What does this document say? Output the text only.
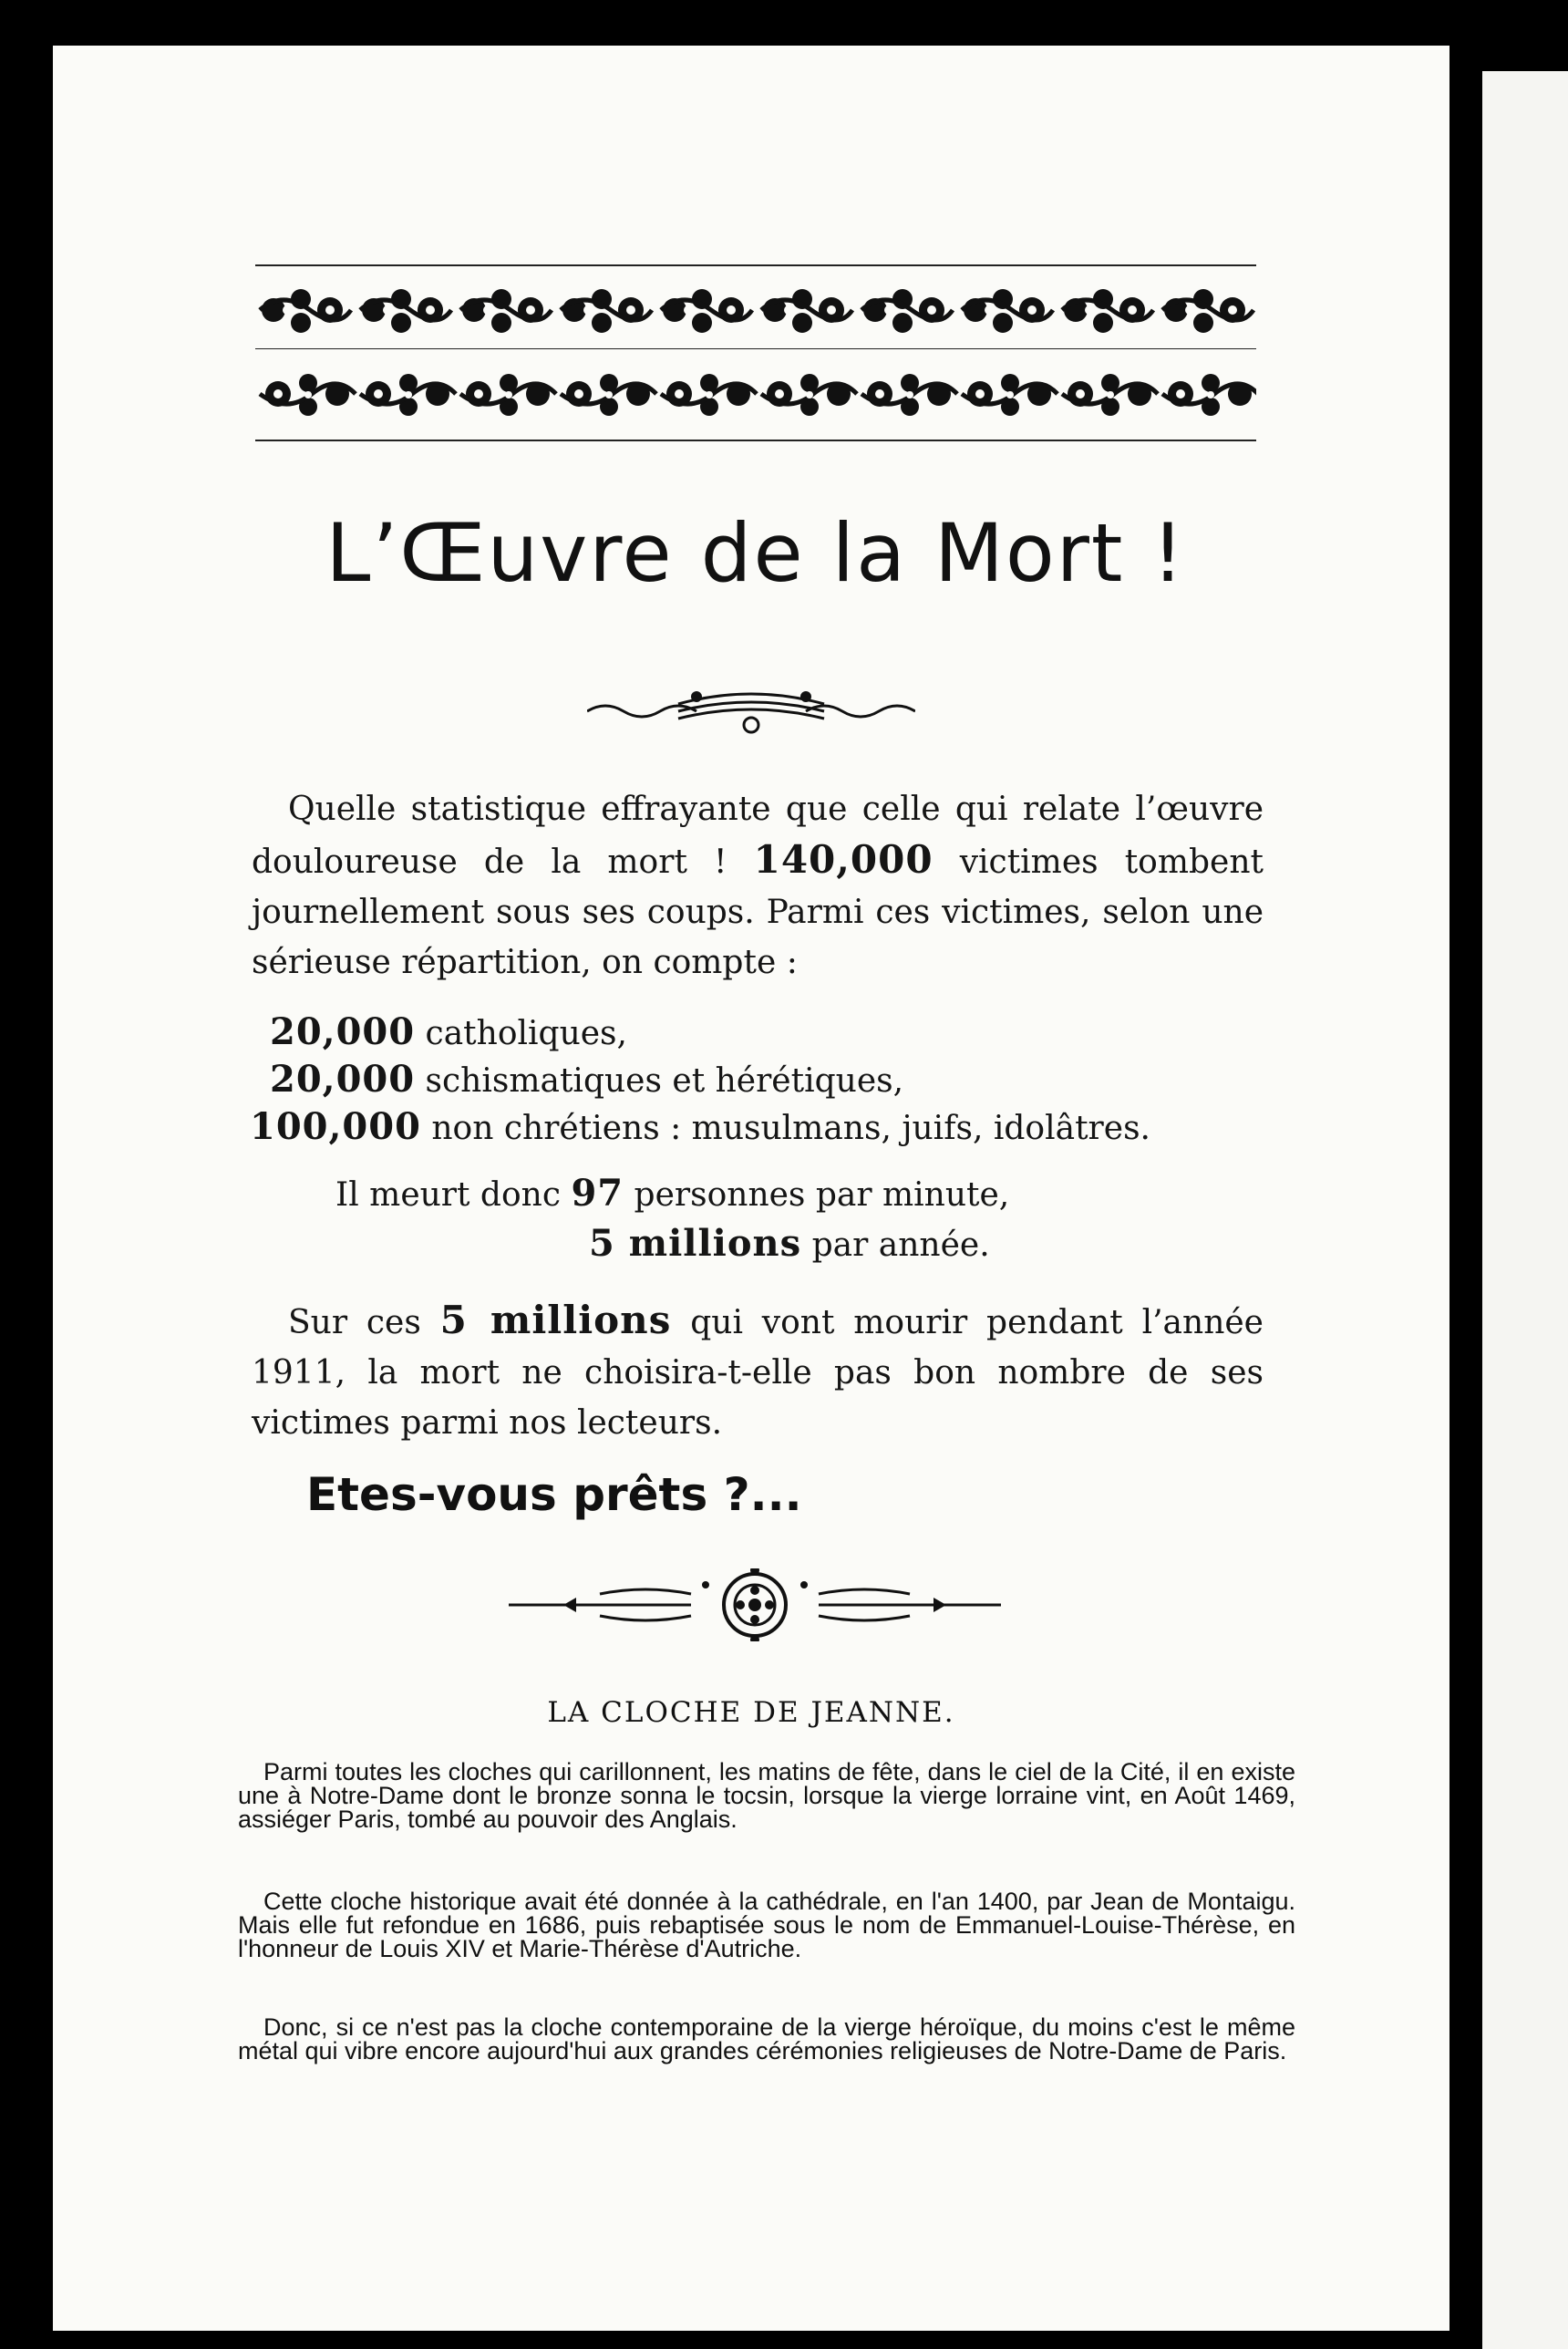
L’Œuvre de la Mort !

Quelle statistique effrayante que celle qui relate l’œuvre douloureuse de la mort ! 140,000 victimes tombent journellement sous ses coups. Parmi ces victimes, selon une sérieuse répartition, on compte :

20,000 catholiques,
20,000 schismatiques et hérétiques,
100,000 non chrétiens : musulmans, juifs, idolâtres.
Il meurt donc 97 personnes par minute,
5 millions par année.

Sur ces 5 millions qui vont mourir pendant l’année 1911, la mort ne choisira-t-elle pas bon nombre de ses victimes parmi nos lecteurs.

Etes-vous prêts ?...
LA CLOCHE DE JEANNE.

Parmi toutes les cloches qui carillonnent, les matins de fête, dans le ciel de la Cité, il en existe une à Notre-Dame dont le bronze sonna le tocsin, lorsque la vierge lorraine vint, en Août 1469, assiéger Paris, tombé au pouvoir des Anglais.

Cette cloche historique avait été donnée à la cathédrale, en l'an 1400, par Jean de Montaigu. Mais elle fut refondue en 1686, puis rebaptisée sous le nom de Emmanuel-Louise-Thérèse, en l'honneur de Louis XIV et Marie-Thérèse d'Autriche.

Donc, si ce n'est pas la cloche contemporaine de la vierge héroïque, du moins c'est le même métal qui vibre encore aujourd'hui aux grandes cérémonies religieuses de Notre-Dame de Paris.
